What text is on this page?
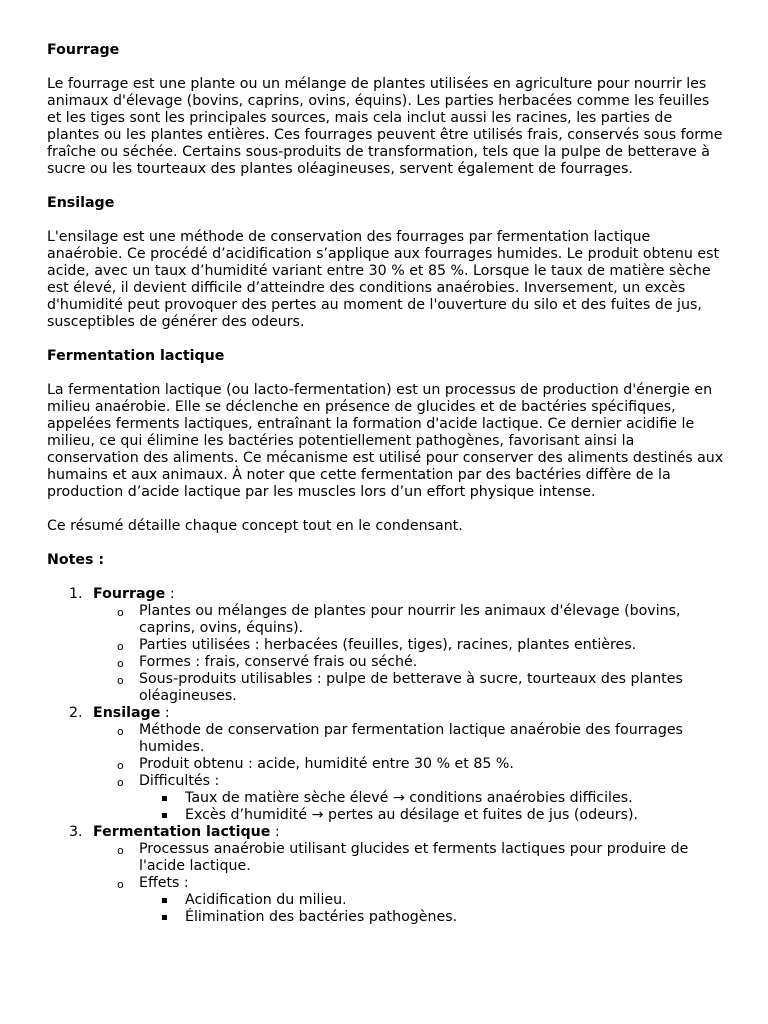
Fourrage

Le fourrage est une plante ou un mélange de plantes utilisées en agriculture pour nourrir les animaux d'élevage (bovins, caprins, ovins, équins). Les parties herbacées comme les feuilles et les tiges sont les principales sources, mais cela inclut aussi les racines, les parties de plantes ou les plantes entières. Ces fourrages peuvent être utilisés frais, conservés sous forme fraîche ou séchée. Certains sous-produits de transformation, tels que la pulpe de betterave à sucre ou les tourteaux des plantes oléagineuses, servent également de fourrages.

Ensilage

L'ensilage est une méthode de conservation des fourrages par fermentation lactique anaérobie. Ce procédé d’acidification s’applique aux fourrages humides. Le produit obtenu est acide, avec un taux d’humidité variant entre 30 % et 85 %. Lorsque le taux de matière sèche est élevé, il devient difficile d’atteindre des conditions anaérobies. Inversement, un excès d'humidité peut provoquer des pertes au moment de l'ouverture du silo et des fuites de jus, susceptibles de générer des odeurs.

Fermentation lactique

La fermentation lactique (ou lacto-fermentation) est un processus de production d'énergie en milieu anaérobie. Elle se déclenche en présence de glucides et de bactéries spécifiques, appelées ferments lactiques, entraînant la formation d'acide lactique. Ce dernier acidifie le milieu, ce qui élimine les bactéries potentiellement pathogènes, favorisant ainsi la conservation des aliments. Ce mécanisme est utilisé pour conserver des aliments destinés aux humains et aux animaux. À noter que cette fermentation par des bactéries diffère de la production d’acide lactique par les muscles lors d’un effort physique intense.

Ce résumé détaille chaque concept tout en le condensant.

Notes :
1. Fourrage :
o Plantes ou mélanges de plantes pour nourrir les animaux d'élevage (bovins, caprins, ovins, équins).
o Parties utilisées : herbacées (feuilles, tiges), racines, plantes entières.
o Formes : frais, conservé frais ou séché.
o Sous-produits utilisables : pulpe de betterave à sucre, tourteaux des plantes oléagineuses.
2. Ensilage :
o Méthode de conservation par fermentation lactique anaérobie des fourrages humides.
o Produit obtenu : acide, humidité entre 30 % et 85 %.
o Difficultés :
Taux de matière sèche élevé → conditions anaérobies difficiles.
Excès d’humidité → pertes au désilage et fuites de jus (odeurs).
3. Fermentation lactique :
o Processus anaérobie utilisant glucides et ferments lactiques pour produire de l'acide lactique.
o Effets :
Acidification du milieu.
Élimination des bactéries pathogènes.
